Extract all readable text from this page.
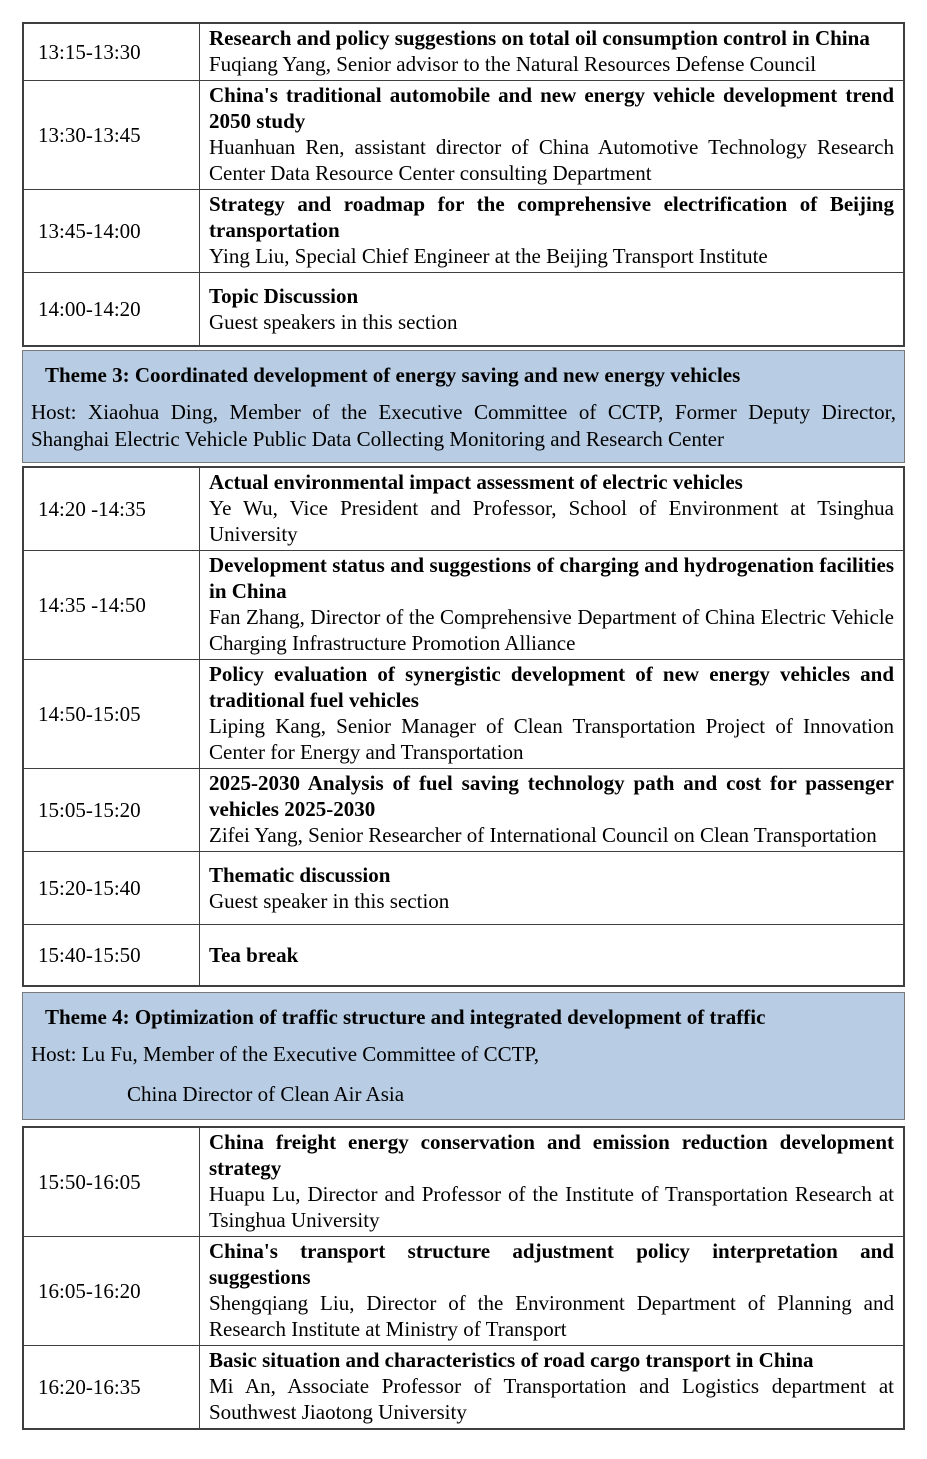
13:15-13:30
Research and policy suggestions on total oil consumption control in China
Fuqiang Yang, Senior advisor to the Natural Resources Defense Council
13:30-13:45
China's traditional automobile and new energy vehicle development trend 2050 study
Huanhuan Ren, assistant director of China Automotive Technology Research Center Data Resource Center consulting Department
13:45-14:00
Strategy and roadmap for the comprehensive electrification of Beijing transportation
Ying Liu, Special Chief Engineer at the Beijing Transport Institute
14:00-14:20
Topic Discussion
Guest speakers in this section
Theme 3: Coordinated development of energy saving and new energy vehicles
Host: Xiaohua Ding, Member of the Executive Committee of CCTP, Former Deputy Director, Shanghai Electric Vehicle Public Data Collecting Monitoring and Research Center
14:20 -14:35
Actual environmental impact assessment of electric vehicles
Ye Wu, Vice President and Professor, School of Environment at Tsinghua University
14:35 -14:50
Development status and suggestions of charging and hydrogenation facilities in China
Fan Zhang, Director of the Comprehensive Department of China Electric Vehicle Charging Infrastructure Promotion Alliance
14:50-15:05
Policy evaluation of synergistic development of new energy vehicles and traditional fuel vehicles
Liping Kang, Senior Manager of Clean Transportation Project of Innovation Center for Energy and Transportation
15:05-15:20
2025-2030 Analysis of fuel saving technology path and cost for passenger vehicles 2025-2030
Zifei Yang, Senior Researcher of International Council on Clean Transportation
15:20-15:40
Thematic discussion
Guest speaker in this section
15:40-15:50	Tea break
Theme 4: Optimization of traffic structure and integrated development of traffic
Host: Lu Fu, Member of the Executive Committee of CCTP,
China Director of Clean Air Asia
15:50-16:05
China freight energy conservation and emission reduction development strategy
Huapu Lu, Director and Professor of the Institute of Transportation Research at Tsinghua University
16:05-16:20
China's transport structure adjustment policy interpretation and suggestions
Shengqiang Liu, Director of the Environment Department of Planning and Research Institute at Ministry of Transport
16:20-16:35
Basic situation and characteristics of road cargo transport in China
Mi An, Associate Professor of Transportation and Logistics department at Southwest Jiaotong University
